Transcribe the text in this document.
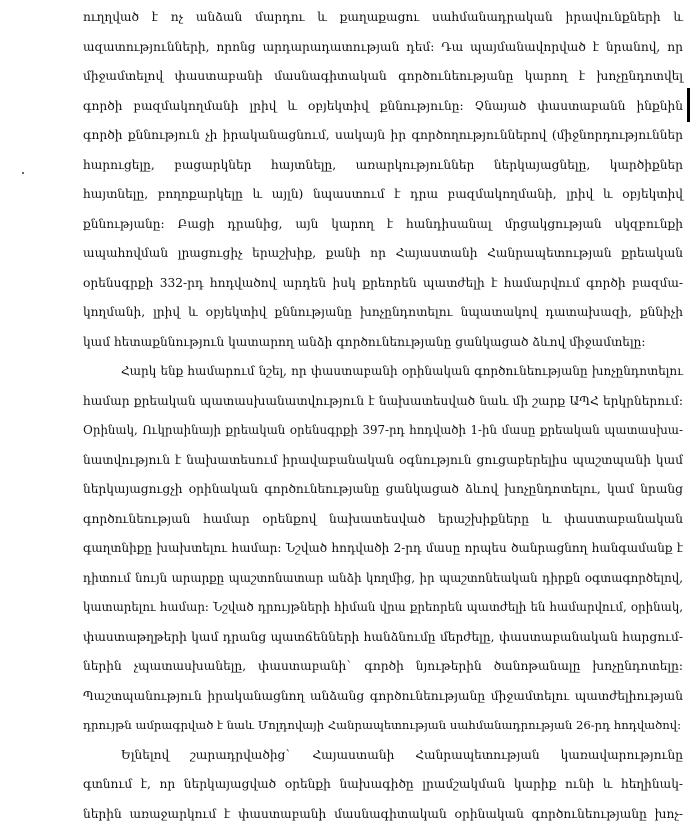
ուղղված է ոչ անձան մարդու և քաղաքացու սահմանադրական իրավունքների և
ազատությունների, որոնց արդարադատության դեմ: Դա պայմանավորված է նրանով, որ
միջամտելով փաստաբանի մասնագիտական գործունեությանը կարող է խոչընդոտվել
գործի բազմակողմանի լրիվ և օբյեկտիվ քննությունը: Չնայած փաստաբանն ինքնին
գործի քննություն չի իրականացնում, սակայն իր գործողություններով (միջնորդություններ
հարուցելը, բացարկներ հայտնելը, առարկություններ ներկայացնելը, կարծիքներ
հայտնելը, բողոքարկելը և այլն) նպաստում է դրա բազմակողմանի, լրիվ և օբյեկտիվ
քննությանը: Բացի դրանից, այն կարող է հանդիսանալ մրցակցության սկզբունքի
ապահովման լրացուցիչ երաշխիք, քանի որ Հայաստանի Հանրապետության քրեական
օրենսգրքի 332-րդ հոդվածով արդեն իսկ քրեորեն պատժելի է համարվում գործի բազմա-
կողմանի, լրիվ և օբյեկտիվ քննությանը խոչընդոտելու նպատակով դատախազի, քննիչի
կամ հետաքննություն կատարող անձի գործունեությանը ցանկացած ձևով միջամտելը:
Հարկ ենք համարում նշել, որ փաստաբանի օրինական գործունեությանը խոչընդոտելու
համար քրեական պատասխանատվություն է նախատեսված նաև մի շարք ԱՊՀ երկրներում:
Օրինակ, Ուկրաինայի քրեական օրենսգրքի 397-րդ հոդվածի 1-ին մասը քրեական պատասխա-
նատվություն է նախատեսում իրավաբանական օգնություն ցուցաբերելիս պաշտպանի կամ
ներկայացուցչի օրինական գործունեությանը ցանկացած ձևով խոչընդոտելու, կամ նրանց
գործունեության համար օրենքով նախատեսված երաշխիքները և փաստաբանական
գաղտնիքը խախտելու համար: Նշված հոդվածի 2-րդ մասը որպես ծանրացնող հանգամանք է
դիտում նույն արարքը պաշտոնատար անձի կողմից, իր պաշտոնեական դիրքն օգտագործելով,
կատարելու համար: Նշված դրույթների հիման վրա քրեորեն պատժելի են համարվում, օրինակ,
փաստաթղթերի կամ դրանց պատճենների հանձնումը մերժելը, փաստաբանական հարցում-
ներին չպատասխանելը, փաստաբանի` գործի նյութերին ծանոթանալը խոչընդոտելը:
Պաշտպանություն իրականացնող անձանց գործունեությանը միջամտելու պատժելիության
դրույթն ամրագրված է նաև Մոլդովայի Հանրապետության սահմանադրության 26-րդ հոդվածով:
Ելնելով շարադրվածից` Հայաստանի Հանրապետության կառավարությունը
գտնում է, որ ներկայացված օրենքի նախագիծը լրամշակման կարիք ունի և հեղինակ-
ներին առաջարկում է փաստաբանի մասնագիտական օրինական գործունեությանը խոչ-
